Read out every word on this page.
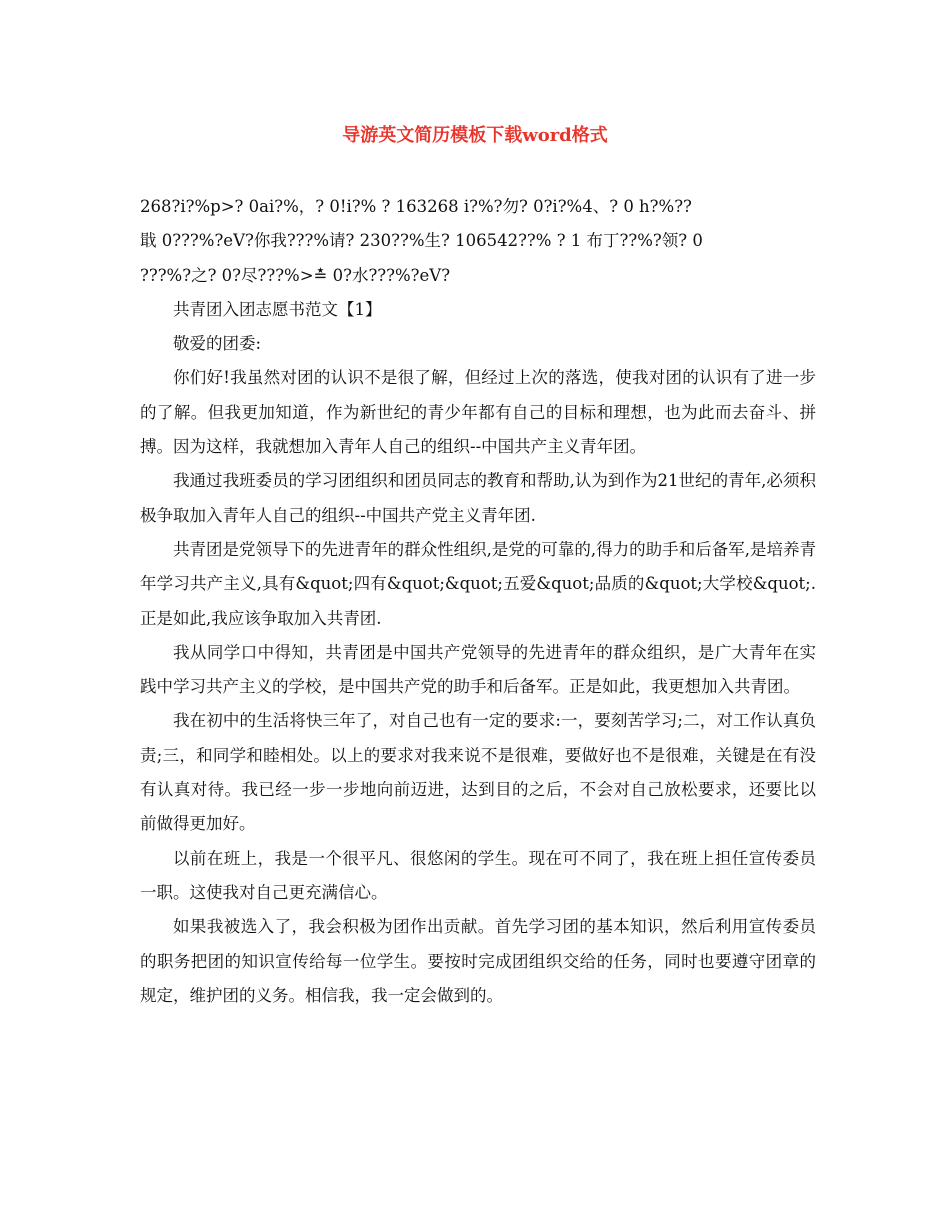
导游英文简历模板下载word格式

268?i?%p>? 0ai?%，? 0!i?% ? 163268 i?%?勿? 0?i?%4、? 0 h?%??

戢 0???%?eV?你我???%请? 230??%生? 106542??% ? 1 布丁??%?领? 0

???%?之? 0?尽???%>≛ 0?水???%?eV?

共青团入团志愿书范文【1】

敬爱的团委:

你们好!我虽然对团的认识不是很了解，但经过上次的落选，使我对团的认识有了进一步的了解。但我更加知道，作为新世纪的青少年都有自己的目标和理想，也为此而去奋斗、拼搏。因为这样，我就想加入青年人自己的组织--中国共产主义青年团。

我通过我班委员的学习团组织和团员同志的教育和帮助,认为到作为21世纪的青年,必须积极争取加入青年人自己的组织--中国共产党主义青年团.

共青团是党领导下的先进青年的群众性组织,是党的可靠的,得力的助手和后备军,是培养青年学习共产主义,具有&quot;四有&quot;&quot;五爱&quot;品质的&quot;大学校&quot;.正是如此,我应该争取加入共青团.

我从同学口中得知，共青团是中国共产党领导的先进青年的群众组织，是广大青年在实践中学习共产主义的学校，是中国共产党的助手和后备军。正是如此，我更想加入共青团。

我在初中的生活将快三年了，对自己也有一定的要求:一，要刻苦学习;二，对工作认真负责;三，和同学和睦相处。以上的要求对我来说不是很难，要做好也不是很难，关键是在有没有认真对待。我已经一步一步地向前迈进，达到目的之后，不会对自己放松要求，还要比以前做得更加好。

以前在班上，我是一个很平凡、很悠闲的学生。现在可不同了，我在班上担任宣传委员一职。这使我对自己更充满信心。

如果我被选入了，我会积极为团作出贡献。首先学习团的基本知识，然后利用宣传委员的职务把团的知识宣传给每一位学生。要按时完成团组织交给的任务，同时也要遵守团章的规定，维护团的义务。相信我，我一定会做到的。
